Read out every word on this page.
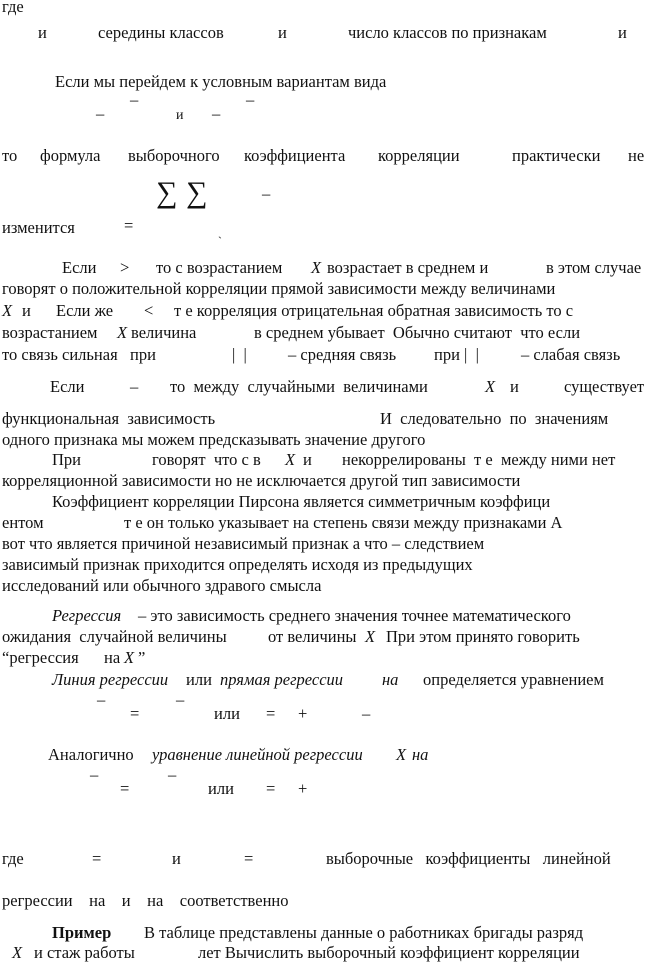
где
и	середины классов	и	число классов по признакам	и
Если мы перейдем к условным вариантам вида
–	–
–	и –
то формула выборочного коэффициента корреляции	практически не
∑ ∑	–
изменится	=
`
Если > то с возрастанием X возрастает в среднем и	в этом случае
говорят о положительной корреляции прямой зависимости между величинами
X и Если же < т е корреляция отрицательная обратная зависимость то с
возрастанием X величина	в среднем убывает  Обычно считают  что если
то связь сильная   при	|  | – средняя связь при |  |	– слабая связь
Если	– то  между  случайными  величинами	X и	существует
функциональная  зависимость	И  следовательно  по  значениям
одного признака мы можем предсказывать значение другого
При	говорят  что с в X и некоррелированы  т е  между ними нет
корреляционной зависимости но не исключается другой тип зависимости
Коэффициент корреляции Пирсона является симметричным коэффици
ентом	т е он только указывает на степень связи между признаками А
вот что является причиной независимый признак а что – следствием
зависимый признак приходится определять исходя из предыдущих
исследований или обычного здравого смысла
Регрессия – это зависимость среднего значения точнее математического
ожидания  случайной величины	от величины X При этом принято говорить
“регрессия на X ”
Линия регрессии или прямая регрессии на определяется уравнением
–	–
=	или = +	–
Аналогично уравнение линейной регрессии X на
–	–
=	или = +
где	=	и	=	выборочные   коэффициенты   линейной
регрессии    на    и    на    соответственно
Пример В таблице представлены данные о работниках бригады разряд
X и стаж работы	лет Вычислить выборочный коэффициент корреляции
